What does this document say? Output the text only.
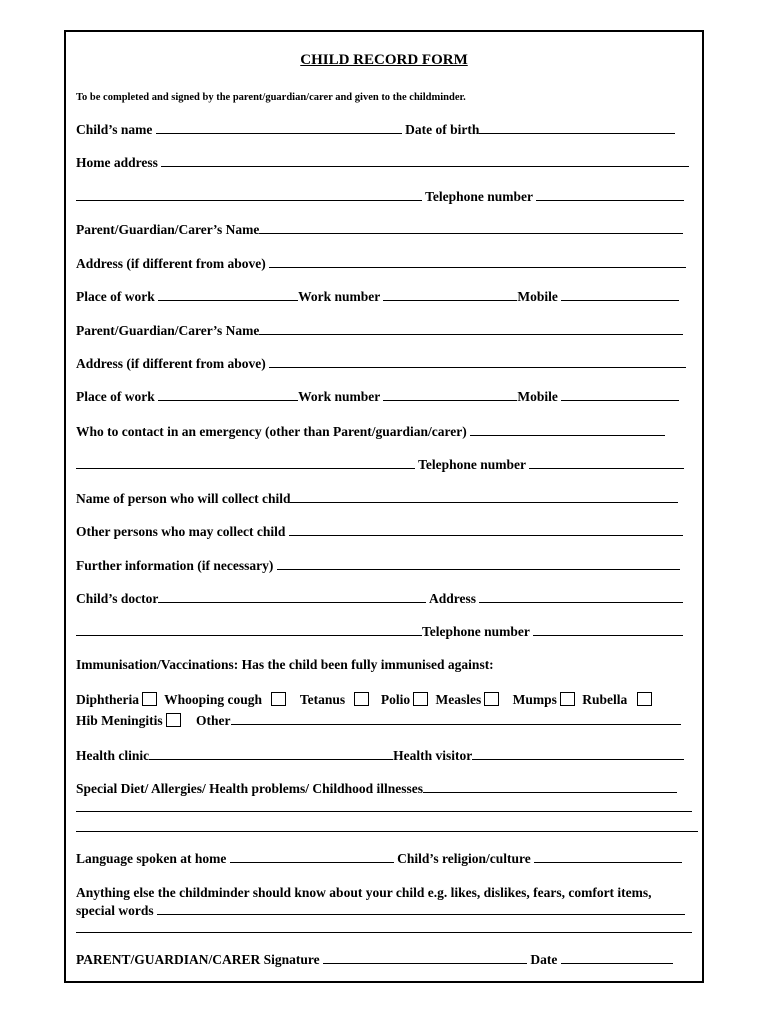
CHILD RECORD FORM
To be completed and signed by the parent/guardian/carer and given to the childminder.
Child’s name	Date of birth
Home address
Telephone number
Parent/Guardian/Carer’s Name
Address (if different from above)
Place of work	Work number	Mobile
Parent/Guardian/Carer’s Name
Address (if different from above)
Place of work	Work number	Mobile
Who to contact in an emergency (other than Parent/guardian/carer)
Telephone number
Name of person who will collect child
Other persons who may collect child
Further information (if necessary)
Child’s doctor	Address
Telephone number
Immunisation/Vaccinations: Has the child been fully immunised against:
Diphtheria Whooping cough	Tetanus	Polio Measles Mumps Rubella
Hib Meningitis Other
Health clinic	Health visitor
Special Diet/ Allergies/ Health problems/ Childhood illnesses
Language spoken at home	Child’s religion/culture
Anything else the childminder should know about your child e.g. likes, dislikes, fears, comfort items,
special words
PARENT/GUARDIAN/CARER Signature	Date
